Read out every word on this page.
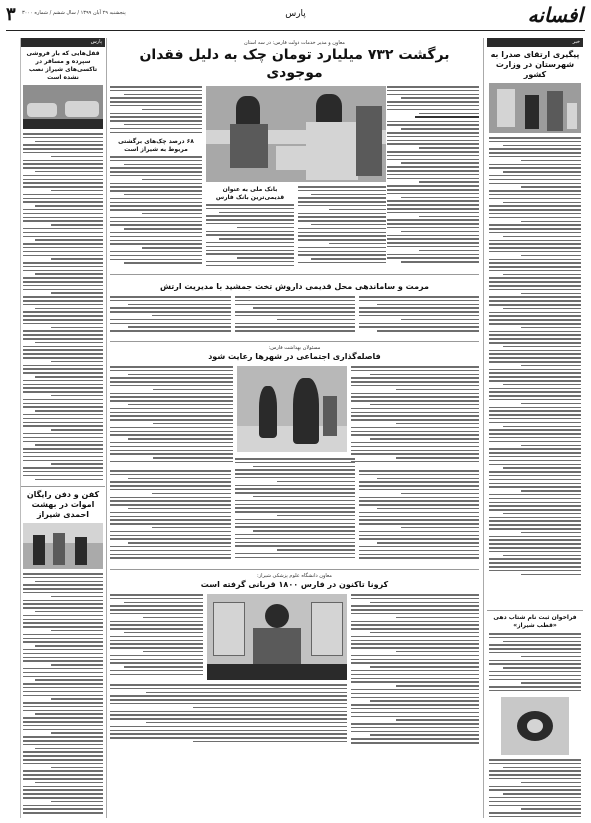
افسانه
پارس
پنجشنبه ۲۹ آبان ۱۳۹۹ / سال ششم / شماره ۳۰۰۰
۳
خبر
پیگیری ارتقای صدرا به شهرستان در وزارت کشور
فراخوان ثبت نام شتاب دهی «قطب شیراز»
معاون و مدیر خدمات دولت فارس: در سه استان
برگشت ۷۳۲ میلیارد تومان چک به دلیل فقدان موجودی
بانک ملی به عنوان قدیمی‌ترین بانک فارس
۶۸ درصد چک‌های برگشتی مربوط به شیراز است
مرمت و ساماندهی محل قدیمی داروش تخت جمشید با مدیریت ارتش
مسئولان بهداشت فارس:
فاصله‌گذاری اجتماعی در شهرها رعایت شود
معاون دانشگاه علوم پزشکی شیراز:
کرونا تاکنون در فارس ۱۸۰۰ قربانی گرفته است
پارس
قفل‌هایی که بار فروشی سپرده و مسافر در تاکسی‌های شیراز نصب نشده است
کفن و دفن رایگان اموات در بهشت احمدی شیراز
